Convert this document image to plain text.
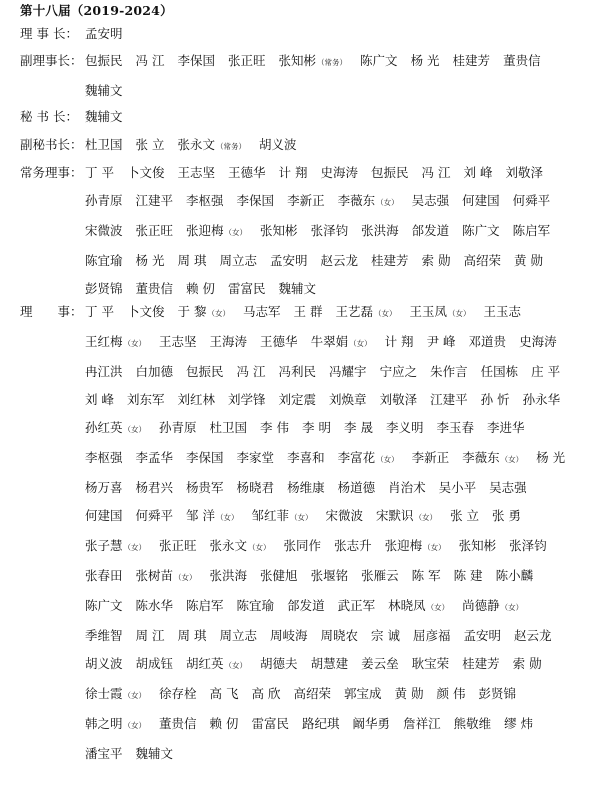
第十八届（2019-2024）
理 事 长： 孟安明
副理事长： 包振民 冯 江 李保国 张正旺 张知彬（常务） 陈广文 杨 光 桂建芳 董贵信魏辅文
秘 书 长： 魏辅文
副秘书长： 杜卫国 张 立 张永文（常务） 胡义波
常务理事： 丁 平 卜文俊 王志坚 王德华 计 翔 史海涛 包振民 冯 江 刘 峰 刘敬泽孙青原 江建平 李枢强 李保国 李新正 李薇东（女） 吴志强 何建国 何舜平宋微波 张正旺 张迎梅（女） 张知彬 张泽钧 张洪海 郃发道 陈广文 陈启军陈宜瑜 杨 光 周 琪 周立志 孟安明 赵云龙 桂建芳 索 勋 高绍荣 黄 勋彭贤锦 董贵信 赖 仞 雷富民 魏辅文
理　　事： 丁 平 卜文俊 于 黎（女） 马志军 王 群 王艺磊（女） 王玉凤（女） 王玉志王红梅（女） 王志坚 王海涛 王德华 牛翠娟（女） 计 翔 尹 峰 邓道贵 史海涛冉江洪 白加德 包振民 冯 江 冯利民 冯耀宇 宁应之 朱作言 任国栋 庄 平刘 峰 刘东军 刘红林 刘学锋 刘定震 刘焕章 刘敬泽 江建平 孙 忻 孙永华孙红英（女） 孙青原 杜卫国 李 伟 李 明 李 晟 李义明 李玉春 李进华李枢强 李孟华 李保国 李家堂 李喜和 李富花（女） 李新正 李薇东（女） 杨 光杨万喜 杨君兴 杨贵军 杨晓君 杨维康 杨道德 肖治术 吴小平 吴志强何建国 何舜平 邹 洋（女） 邹红菲（女） 宋微波 宋默识（女） 张 立 张 勇张子慧（女） 张正旺 张永文（女） 张同作 张志升 张迎梅（女） 张知彬 张泽钧张春田 张树苗（女） 张洪海 张健旭 张堰铭 张雁云 陈 军 陈 建 陈小麟陈广文 陈水华 陈启军 陈宜瑜 郃发道 武正军 林晓凤（女） 尚德静（女）季维智 周 江 周 琪 周立志 周岐海 周晓农 宗 诚 屈彦福 孟安明 赵云龙胡义波 胡成钰 胡红英（女） 胡德夫 胡慧建 姜云垒 耿宝荣 桂建芳 索 勋徐士霞（女） 徐存栓 高 飞 高 欣 高绍荣 郭宝成 黄 勋 颜 伟 彭贤锦韩之明（女） 董贵信 赖 仞 雷富民 路纪琪 阚华勇 詹祥江 熊敬维 缪 炜潘宝平 魏辅文
